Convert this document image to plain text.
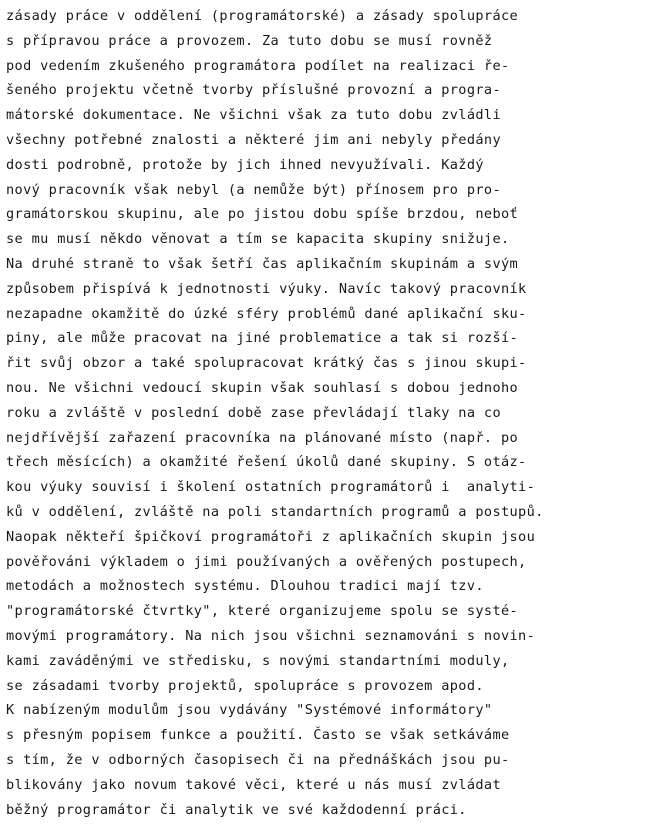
zásady práce v oddělení (programátorské) a zásady spolupráce
s přípravou práce a provozem. Za tuto dobu se musí rovněž
pod vedením zkušeného programátora podílet na realizaci ře-
šeného projektu včetně tvorby příslušné provozní a progra-
mátorské dokumentace. Ne všichni však za tuto dobu zvládli
všechny potřebné znalosti a některé jim ani nebyly předány
dosti podrobně, protože by jich ihned nevyužívali. Každý
nový pracovník však nebyl (a nemůže být) přínosem pro pro-
gramátorskou skupinu, ale po jistou dobu spíše brzdou, neboť
se mu musí někdo věnovat a tím se kapacita skupiny snižuje.
Na druhé straně to však šetří čas aplikačním skupinám a svým
způsobem přispívá k jednotnosti výuky. Navíc takový pracovník
nezapadne okamžitě do úzké sféry problémů dané aplikační sku-
piny, ale může pracovat na jiné problematice a tak si rozší-
řit svůj obzor a také spolupracovat krátký čas s jinou skupi-
nou. Ne všichni vedoucí skupin však souhlasí s dobou jednoho
roku a zvláště v poslední době zase převládají tlaky na co
nejdřívější zařazení pracovníka na plánované místo (např. po
třech měsících) a okamžité řešení úkolů dané skupiny. S otáz-
kou výuky souvisí i školení ostatních programátorů i  analyti-
ků v oddělení, zvláště na poli standartních programů a postupů.
Naopak někteří špičkoví programátoři z aplikačních skupin jsou
pověřováni výkladem o jimi používaných a ověřených postupech,
metodách a možnostech systému. Dlouhou tradici mají tzv.
"programátorské čtvrtky", které organizujeme spolu se systé-
movými programátory. Na nich jsou všichni seznamováni s novin-
kami zaváděnými ve středisku, s novými standartními moduly,
se zásadami tvorby projektů, spolupráce s provozem apod.
K nabízeným modulům jsou vydávány "Systémové informátory"
s přesným popisem funkce a použití. Často se však setkáváme
s tím, že v odborných časopisech či na přednáškách jsou pu-
blikovány jako novum takové věci, které u nás musí zvládat
běžný programátor či analytik ve své každodenní práci.
